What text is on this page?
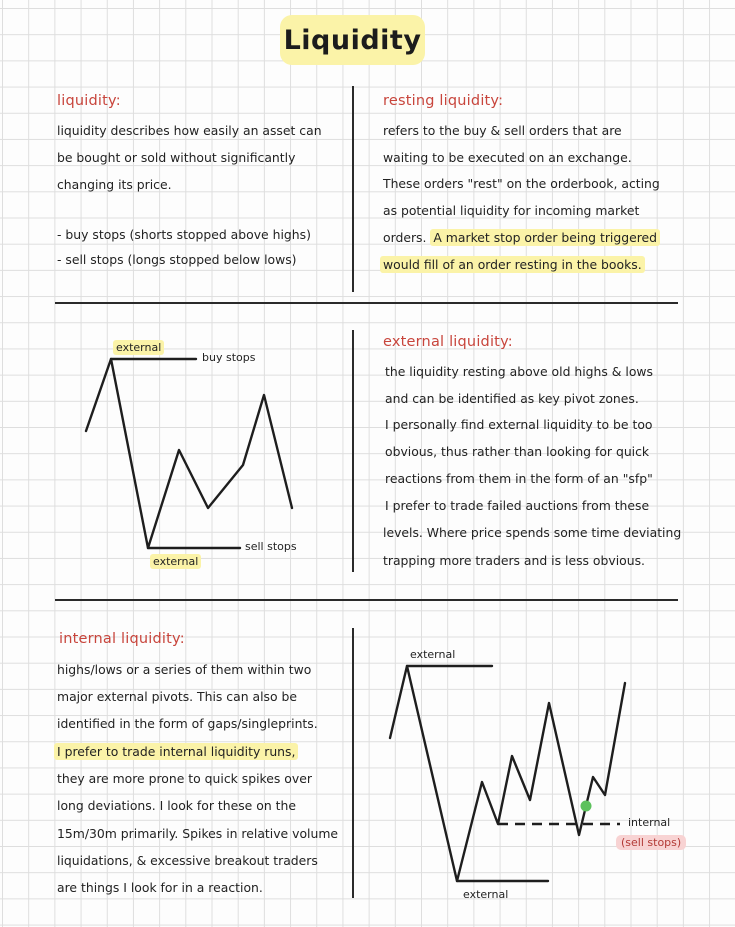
Liquidity
liquidity:
liquidity describes how easily an asset can
be bought or sold without significantly
changing its price.
- buy stops (shorts stopped above highs)
- sell stops (longs stopped below lows)
resting liquidity:
refers to the buy & sell orders that are
waiting to be executed on an exchange.
These orders "rest" on the orderbook, acting
as potential liquidity for incoming market
orders. A market stop order being triggered
would fill of an order resting in the books.
external
buy stops
sell stops
external
external liquidity:
the liquidity resting above old highs & lows
and can be identified as key pivot zones.
I personally find external liquidity to be too
obvious, thus rather than looking for quick
reactions from them in the form of an "sfp"
I prefer to trade failed auctions from these
levels. Where price spends some time deviating
trapping more traders and is less obvious.
internal liquidity:
highs/lows or a series of them within two
major external pivots. This can also be
identified in the form of gaps/singleprints.
I prefer to trade internal liquidity runs,
they are more prone to quick spikes over
long deviations. I look for these on the
15m/30m primarily. Spikes in relative volume
liquidations, & excessive breakout traders
are things I look for in a reaction.
external
internal
(sell stops)
external
